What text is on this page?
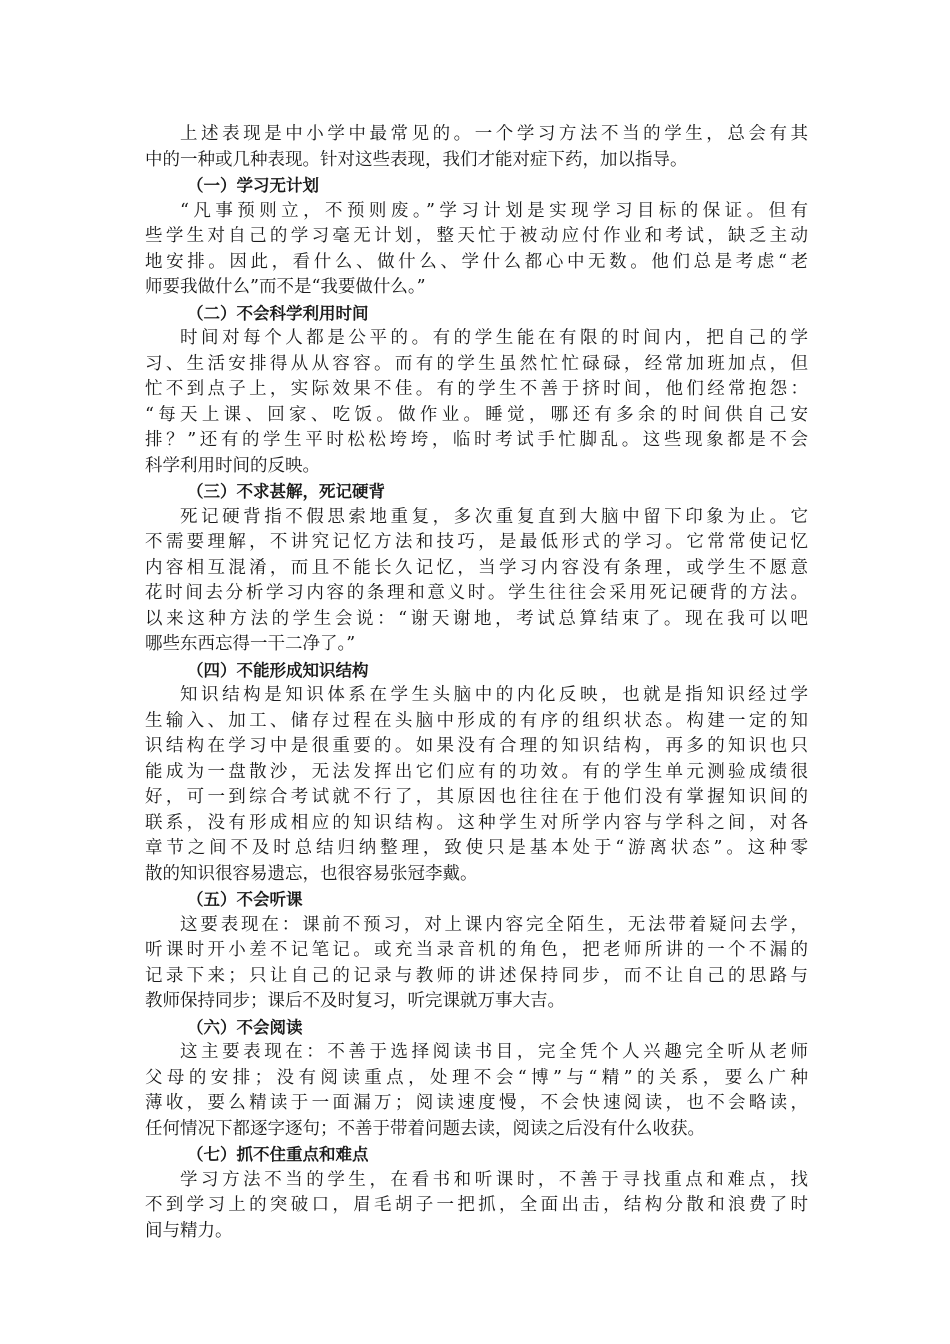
上述表现是中小学中最常见的。一个学习方法不当的学生，总会有其
中的一种或几种表现。针对这些表现，我们才能对症下药，加以指导。
（一）学习无计划
“凡事预则立，不预则废。”学习计划是实现学习目标的保证。但有
些学生对自己的学习毫无计划，整天忙于被动应付作业和考试，缺乏主动
地安排。因此，看什么、做什么、学什么都心中无数。他们总是考虑“老
师要我做什么”而不是“我要做什么。”
（二）不会科学利用时间
时间对每个人都是公平的。有的学生能在有限的时间内，把自己的学
习、生活安排得从从容容。而有的学生虽然忙忙碌碌，经常加班加点，但
忙不到点子上，实际效果不佳。有的学生不善于挤时间，他们经常抱怨：
“每天上课、回家、吃饭。做作业。睡觉，哪还有多余的时间供自己安
排？”还有的学生平时松松垮垮，临时考试手忙脚乱。这些现象都是不会
科学利用时间的反映。
（三）不求甚解，死记硬背
死记硬背指不假思索地重复，多次重复直到大脑中留下印象为止。它
不需要理解，不讲究记忆方法和技巧，是最低形式的学习。它常常使记忆
内容相互混淆，而且不能长久记忆，当学习内容没有条理，或学生不愿意
花时间去分析学习内容的条理和意义时。学生往往会采用死记硬背的方法。
以来这种方法的学生会说：“谢天谢地，考试总算结束了。现在我可以吧
哪些东西忘得一干二净了。”
（四）不能形成知识结构
知识结构是知识体系在学生头脑中的内化反映，也就是指知识经过学
生输入、加工、储存过程在头脑中形成的有序的组织状态。构建一定的知
识结构在学习中是很重要的。如果没有合理的知识结构，再多的知识也只
能成为一盘散沙，无法发挥出它们应有的功效。有的学生单元测验成绩很
好，可一到综合考试就不行了，其原因也往往在于他们没有掌握知识间的
联系，没有形成相应的知识结构。这种学生对所学内容与学科之间，对各
章节之间不及时总结归纳整理，致使只是基本处于“游离状态”。这种零
散的知识很容易遗忘，也很容易张冠李戴。
（五）不会听课
这要表现在：课前不预习，对上课内容完全陌生，无法带着疑问去学，
听课时开小差不记笔记。或充当录音机的角色，把老师所讲的一个不漏的
记录下来；只让自己的记录与教师的讲述保持同步，而不让自己的思路与
教师保持同步；课后不及时复习，听完课就万事大吉。
（六）不会阅读
这主要表现在：不善于选择阅读书目，完全凭个人兴趣完全听从老师
父母的安排；没有阅读重点，处理不会“博”与“精”的关系，要么广种
薄收，要么精读于一面漏万；阅读速度慢，不会快速阅读，也不会略读，
任何情况下都逐字逐句；不善于带着问题去读，阅读之后没有什么收获。
（七）抓不住重点和难点
学习方法不当的学生，在看书和听课时，不善于寻找重点和难点，找
不到学习上的突破口，眉毛胡子一把抓，全面出击，结构分散和浪费了时
间与精力。
